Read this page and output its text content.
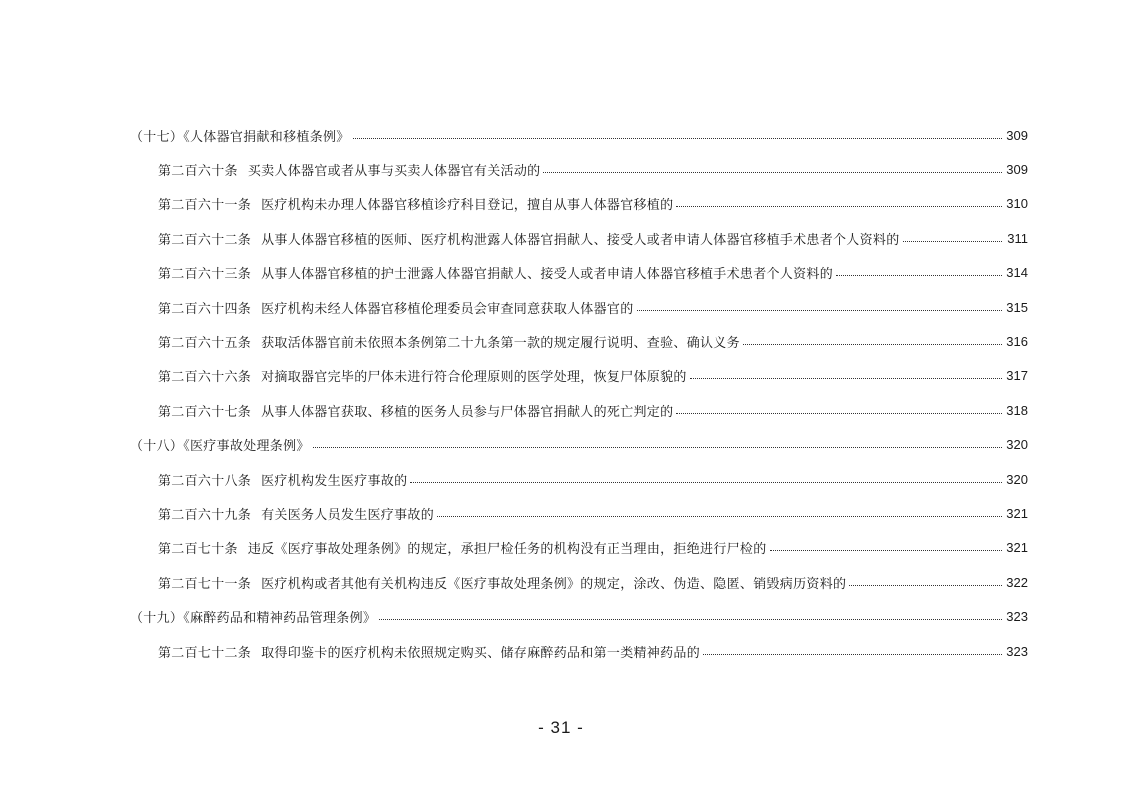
（十七）《人体器官捐献和移植条例》	309
第二百六十条 买卖人体器官或者从事与买卖人体器官有关活动的	309
第二百六十一条 医疗机构未办理人体器官移植诊疗科目登记，擅自从事人体器官移植的	310
第二百六十二条 从事人体器官移植的医师、医疗机构泄露人体器官捐献人、接受人或者申请人体器官移植手术患者个人资料的	311
第二百六十三条 从事人体器官移植的护士泄露人体器官捐献人、接受人或者申请人体器官移植手术患者个人资料的	314
第二百六十四条 医疗机构未经人体器官移植伦理委员会审查同意获取人体器官的	315
第二百六十五条 获取活体器官前未依照本条例第二十九条第一款的规定履行说明、查验、确认义务	316
第二百六十六条 对摘取器官完毕的尸体未进行符合伦理原则的医学处理，恢复尸体原貌的	317
第二百六十七条 从事人体器官获取、移植的医务人员参与尸体器官捐献人的死亡判定的	318
（十八）《医疗事故处理条例》	320
第二百六十八条 医疗机构发生医疗事故的	320
第二百六十九条 有关医务人员发生医疗事故的	321
第二百七十条 违反《医疗事故处理条例》的规定，承担尸检任务的机构没有正当理由，拒绝进行尸检的	321
第二百七十一条 医疗机构或者其他有关机构违反《医疗事故处理条例》的规定，涂改、伪造、隐匿、销毁病历资料的	322
（十九）《麻醉药品和精神药品管理条例》	323
第二百七十二条 取得印鉴卡的医疗机构未依照规定购买、储存麻醉药品和第一类精神药品的	323
- 31 -
